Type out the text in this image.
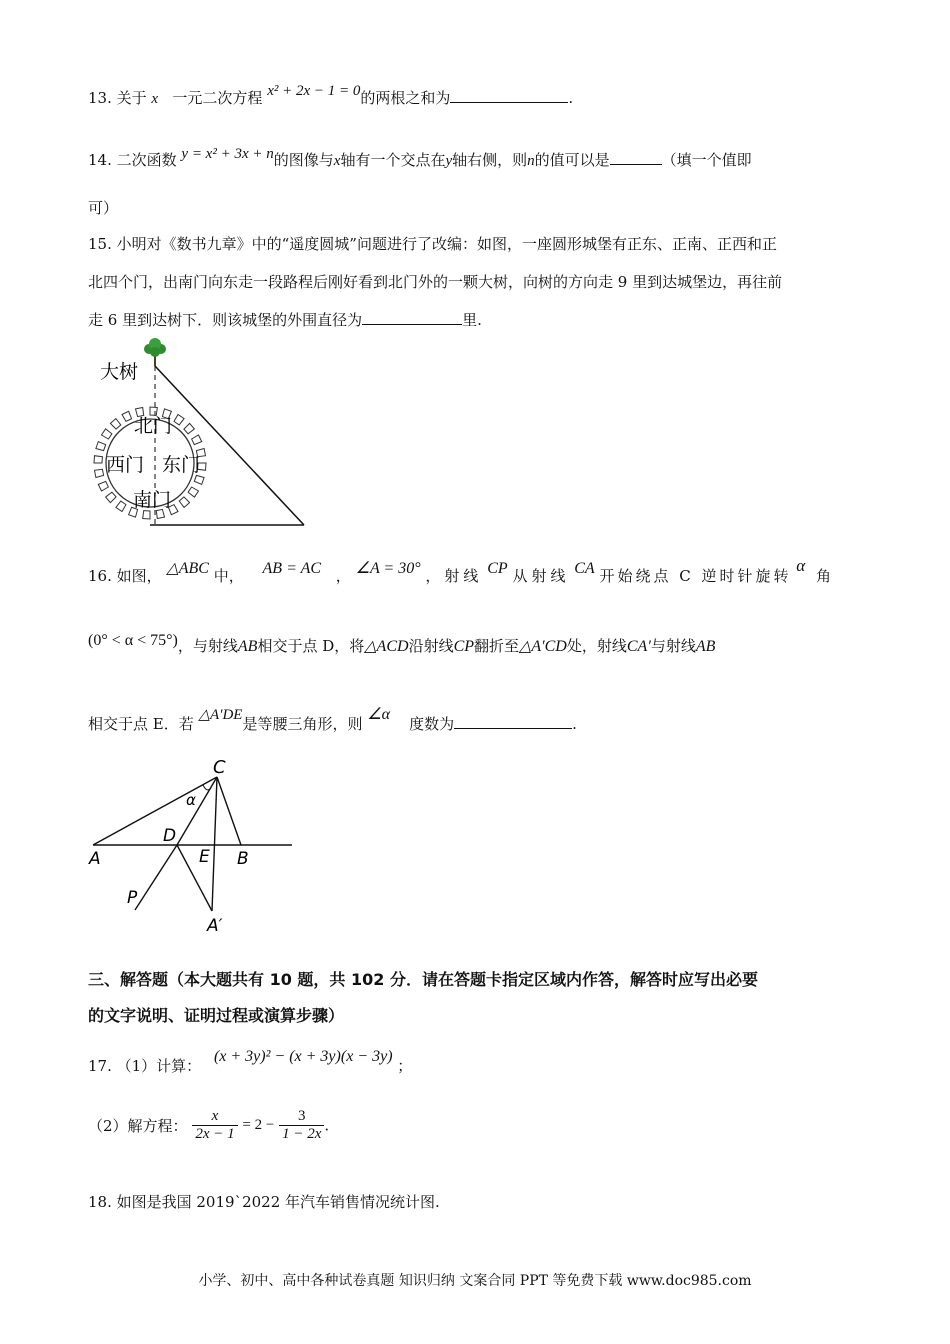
13. 关于 x 一元二次方程 x² + 2x − 1 = 0的两根之和为	.
14. 二次函数 y = x² + 3x + n的图像与x轴有一个交点在y轴右侧，则n的值可以是	（填一个值即
可）
15. 小明对《数书九章》中的“遥度圆城”问题进行了改编：如图，一座圆形城堡有正东、正南、正西和正
北四个门，出南门向东走一段路程后刚好看到北门外的一颗大树，向树的方向走 9 里到达城堡边，再往前
走 6 里到达树下．则该城堡的外围直径为	里.
大树
北门
西门 东门
南门
16. 如图， △ABC 中， AB = AC ， ∠A = 30° ，射线 CP 从射线 CA 开始绕点 C 逆时针旋转 α 角
(0° < α < 75°)，与射线AB相交于点 D，将△ACD沿射线CP翻折至△A′CD处，射线CA′与射线AB
相交于点 E．若 △A′DE是等腰三角形，则 ∠α    度数为	.
C
α
D
A	E B
P
A′
三、解答题（本大题共有 10 题，共 102 分．请在答题卡指定区域内作答，解答时应写出必要
的文字说明、证明过程或演算步骤）
17. （1）计算： (x + 3y)² − (x + 3y)(x − 3y) ；
（2）解方程： $\frac{x}{2x - 1} = 2 - \frac{3}{1 - 2x}$ .
18. 如图是我国 2019`2022 年汽车销售情况统计图.
小学、初中、高中各种试卷真题 知识归纳 文案合同 PPT 等免费下载 www.doc985.com
